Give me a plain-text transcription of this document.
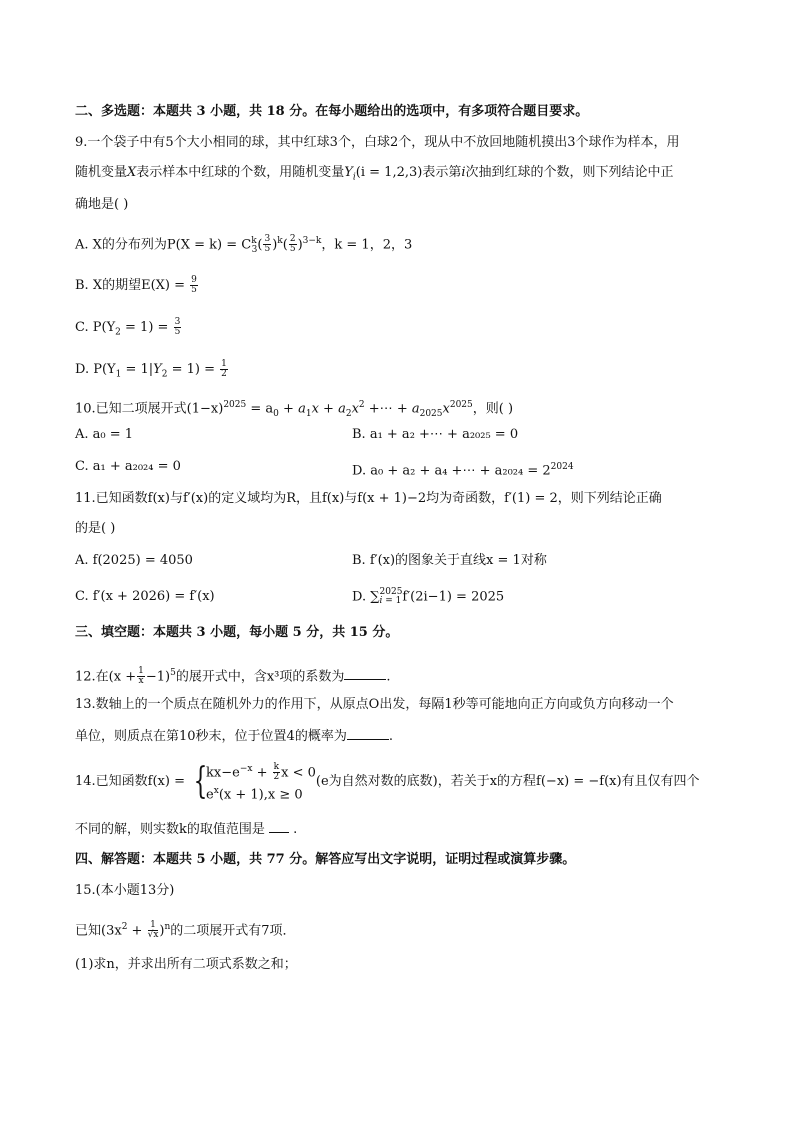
二、多选题：本题共 3 小题，共 18 分。在每小题给出的选项中，有多项符合题目要求。
9.一个袋子中有5个大小相同的球，其中红球3个，白球2个，现从中不放回地随机摸出3个球作为样本，用
随机变量X表示样本中红球的个数，用随机变量$Y_i(i = 1,2,3)$表示第i次抽到红球的个数，则下列结论中正
确地是( )
A. X的分布列为$P(X = k) = C^k_3( \frac{3}{5} )^k( \frac{2}{5} )^{3-k}$，k = 1，2，3
B. X的期望$E(X) = \frac{9}{5}$
C. $P(Y_2 = 1) = \frac{3}{5}$
D. $P(Y_1 = 1|Y_2 = 1) = \frac{1}{2}$
10.已知二项展开式$(1-x)^{2025} = a_0 + a_1x + a_2x^2$ +⋯ + $a_{2025}x^{2025}$，则( )
A. a₀ = 1	B. a₁ + a₂ +⋯ + a₂₀₂₅ = 0
C. a₁ + a₂₀₂₄ = 0	D. a₀ + a₂ + a₄ +⋯ + $a_{2024} = 2^{2024}$
11.已知函数f(x)与f′(x)的定义域均为R，且f(x)与f(x + 1)−2均为奇函数，f′(1) = 2，则下列结论正确
的是( )
A. f(2025) = 4050	B. f′(x)的图象关于直线x = 1对称
C. f′(x + 2026) = f′(x)	D. ∑ 2025
i = 1 f′(2i−1) = 2025
三、填空题：本题共 3 小题，每小题 5 分，共 15 分。
12.在$(x + \frac{1}{x} -1)^5$的展开式中，含x³项的系数为	.
13.数轴上的一个质点在随机外力的作用下，从原点O出发，每隔1秒等可能地向正方向或负方向移动一个
单位，则质点在第10秒末，位于位置4的概率为	.
14.已知函数f(x) = {
$kx-e^{-x} + \frac{k}{2}$ x < 0
$e^x(x + 1),x \ge 0$
(e为自然对数的底数)，若关于x的方程f(−x) = −f(x)有且仅有四个
不同的解，则实数k的取值范围是 .
四、解答题：本题共 5 小题，共 77 分。解答应写出文字说明，证明过程或演算步骤。
15.(本小题13分)
已知$(3x^2 + \frac{1}{√x} )^n$的二项展开式有7项．
(1)求n，并求出所有二项式系数之和；
